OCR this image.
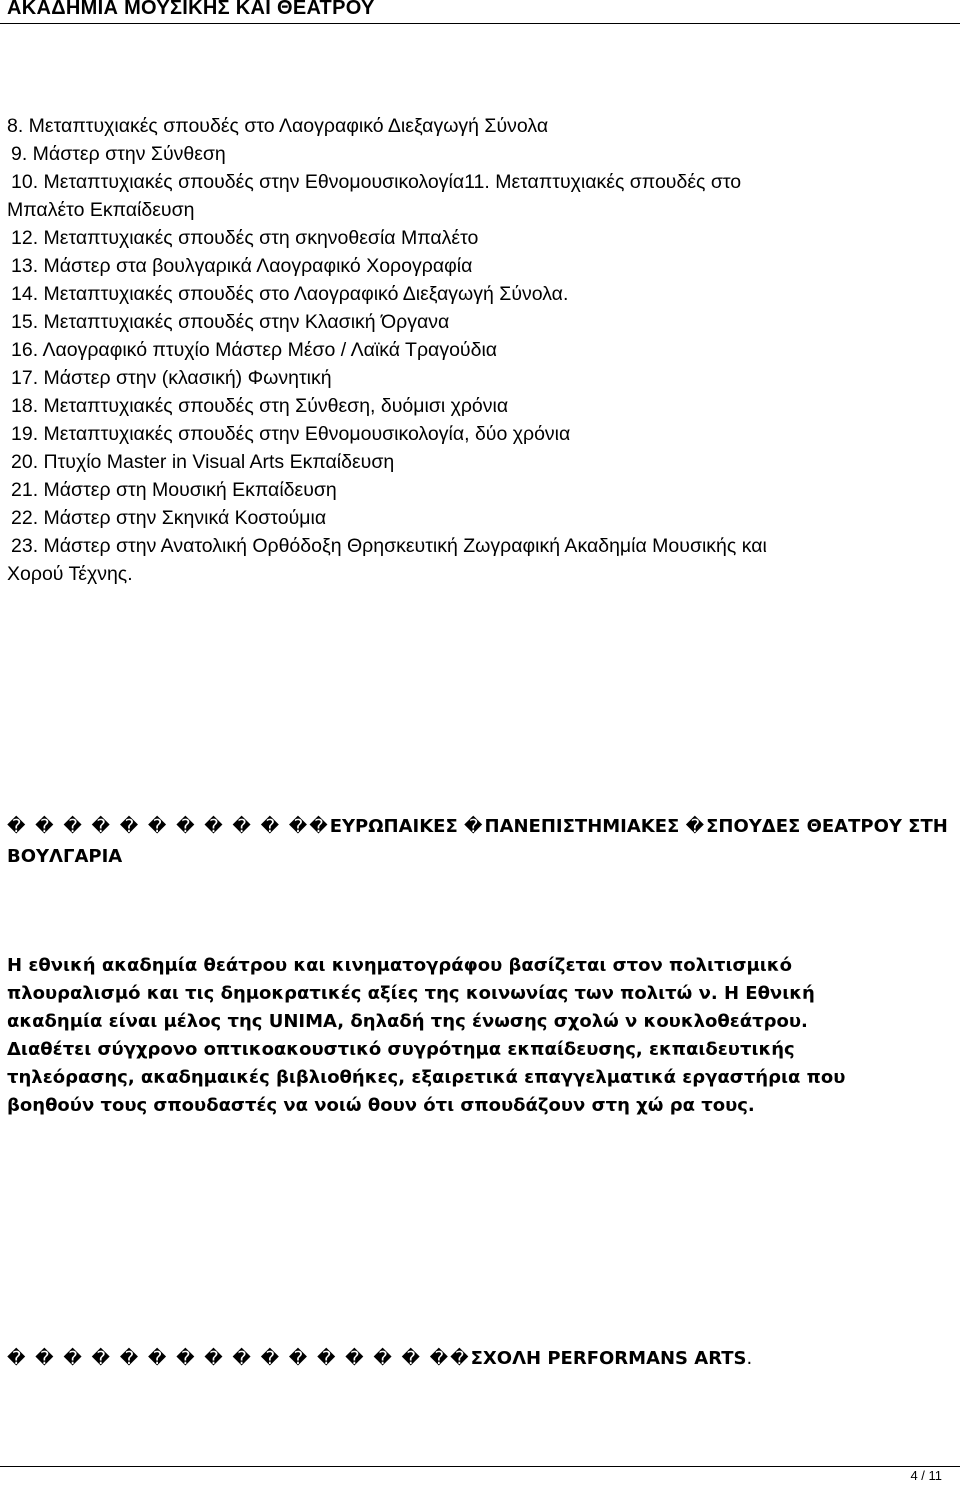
ΑΚΑΔΗΜΙΑ ΜΟΥΣΙΚΗΣ ΚΑΙ ΘΕΑΤΡΟΥ
8. Μεταπτυχιακές σπουδές στο Λαογραφικό Διεξαγωγή Σύνολα
9. Μάστερ στην Σύνθεση
10. Μεταπτυχιακές σπουδές στην Εθνομουσικολογία11. Μεταπτυχιακές σπουδές στο
Μπαλέτο Εκπαίδευση
12. Μεταπτυχιακές σπουδές στη σκηνοθεσία Μπαλέτο
13. Μάστερ στα βουλγαρικά Λαογραφικό Χορογραφία
14. Μεταπτυχιακές σπουδές στο Λαογραφικό Διεξαγωγή Σύνολα.
15. Μεταπτυχιακές σπουδές στην Κλασική Όργανα
16. Λαογραφικό πτυχίο Μάστερ Μέσο / Λαϊκά Τραγούδια
17. Μάστερ στην (κλασική) Φωνητική
18. Μεταπτυχιακές σπουδές στη Σύνθεση, δυόμισι χρόνια
19. Μεταπτυχιακές σπουδές στην Εθνομουσικολογία, δύο χρόνια
20. Πτυχίο Master in Visual Arts Εκπαίδευση
21. Μάστερ στη Μουσική Εκπαίδευση
22. Μάστερ στην Σκηνικά Κοστούμια
23. Μάστερ στην Ανατολική Ορθόδοξη Θρησκευτική Ζωγραφική Ακαδημία Μουσικής και
Χορού Τέχνης.
� � � � � � � � � � ��ΕΥΡΩΠΑΙΚΕΣ �ΠΑΝΕΠΙΣΤΗΜΙΑΚΕΣ �ΣΠΟΥΔΕΣ ΘΕΑΤΡΟΥ ΣΤΗ
ΒΟΥΛΓΑΡΙΑ
Η εθνική ακαδημία θεάτρου και κινηματογράφου βασίζεται στον πολιτισμικό
πλουραλισμό και τις δημοκρατικές αξίες της κοινωνίας των πολιτώ ν. Η Εθνική
ακαδημία είναι μέλος της UNIMA, δηλαδή της ένωσης σχολώ ν κουκλοθεάτρου.
Διαθέτει σύγχρονο οπτικοακουστικό συγρότημα εκπαίδευσης, εκπαιδευτικής
τηλεόρασης, ακαδημαικές βιβλιοθήκες, εξαιρετικά επαγγελματικά εργαστήρια που
βοηθούν τους σπουδαστές να νοιώ θουν ότι σπουδάζουν στη χώ ρα τους.
� � � � � � � � � � � � � � � ��ΣΧΟΛΗ PERFORMANS ARTS.
4 / 11
